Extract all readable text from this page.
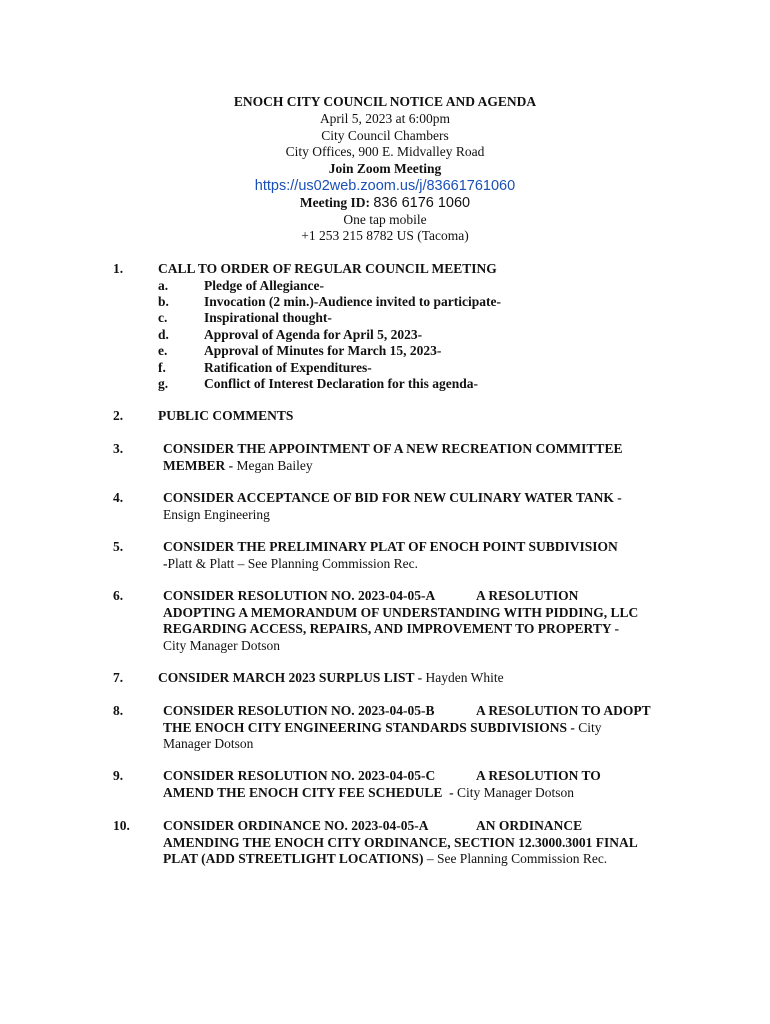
ENOCH CITY COUNCIL NOTICE AND AGENDA
April 5, 2023 at 6:00pm
City Council Chambers
City Offices, 900 E. Midvalley Road
Join Zoom Meeting
https://us02web.zoom.us/j/83661761060
Meeting ID: 836 6176 1060
One tap mobile
+1 253 215 8782 US (Tacoma)
1.	CALL TO ORDER OF REGULAR COUNCIL MEETING
a.	Pledge of Allegiance-
b.	Invocation (2 min.)-Audience invited to participate-
c.	Inspirational thought-
d.	Approval of Agenda for April 5, 2023-
e.	Approval of Minutes for March 15, 2023-
f.	Ratification of Expenditures-
g.	Conflict of Interest Declaration for this agenda-
2.	PUBLIC COMMENTS
3.	CONSIDER THE APPOINTMENT OF A NEW RECREATION COMMITTEE
MEMBER - Megan Bailey
4.	CONSIDER ACCEPTANCE OF BID FOR NEW CULINARY WATER TANK -
Ensign Engineering
5.	CONSIDER THE PRELIMINARY PLAT OF ENOCH POINT SUBDIVISION
-Platt & Platt – See Planning Commission Rec.
6.	CONSIDER RESOLUTION NO. 2023-04-05-A	A RESOLUTION
ADOPTING A MEMORANDUM OF UNDERSTANDING WITH PIDDING, LLC
REGARDING ACCESS, REPAIRS, AND IMPROVEMENT TO PROPERTY -
City Manager Dotson
7.	CONSIDER MARCH 2023 SURPLUS LIST - Hayden White
8.	CONSIDER RESOLUTION NO. 2023-04-05-B	A RESOLUTION TO ADOPT
THE ENOCH CITY ENGINEERING STANDARDS SUBDIVISIONS - City
Manager Dotson
9.	CONSIDER RESOLUTION NO. 2023-04-05-C	A RESOLUTION TO
AMEND THE ENOCH CITY FEE SCHEDULE  - City Manager Dotson
10. CONSIDER ORDINANCE NO. 2023-04-05-A	AN ORDINANCE
AMENDING THE ENOCH CITY ORDINANCE, SECTION 12.3000.3001 FINAL
PLAT (ADD STREETLIGHT LOCATIONS) – See Planning Commission Rec.
